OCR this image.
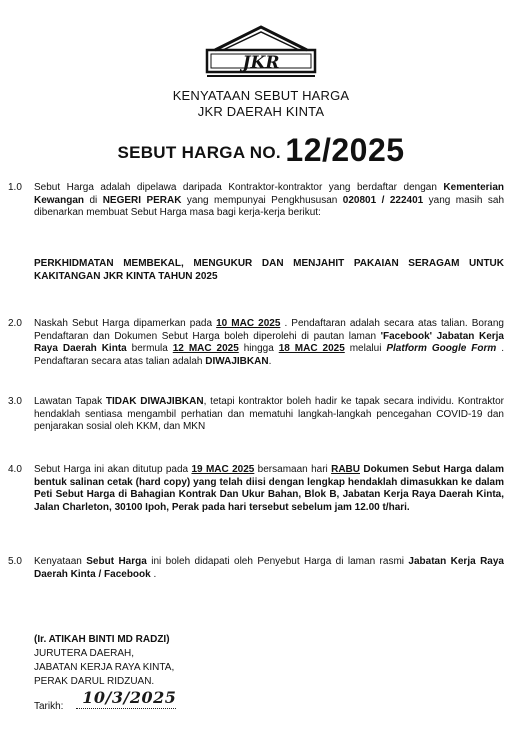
JKR
KENYATAAN SEBUT HARGA
JKR DAERAH KINTA
SEBUT HARGA NO. 12/2025
1.0 Sebut Harga adalah dipelawa daripada Kontraktor-kontraktor yang berdaftar dengan Kementerian Kewangan di NEGERI PERAK yang mempunyai Pengkhususan 020801 / 222401 yang masih sah dibenarkan membuat Sebut Harga masa bagi kerja-kerja berikut:
PERKHIDMATAN MEMBEKAL, MENGUKUR DAN MENJAHIT PAKAIAN SERAGAM UNTUK KAKITANGAN JKR KINTA TAHUN 2025
2.0 Naskah Sebut Harga dipamerkan pada 10 MAC 2025 . Pendaftaran adalah secara atas talian. Borang Pendaftaran dan Dokumen Sebut Harga boleh diperolehi di pautan laman 'Facebook' Jabatan Kerja Raya Daerah Kinta bermula 12 MAC 2025 hingga 18 MAC 2025 melalui Platform Google Form . Pendaftaran secara atas talian adalah DIWAJIBKAN.
3.0 Lawatan Tapak TIDAK DIWAJIBKAN, tetapi kontraktor boleh hadir ke tapak secara individu. Kontraktor hendaklah sentiasa mengambil perhatian dan mematuhi langkah-langkah pencegahan COVID-19 dan penjarakan sosial oleh KKM, dan MKN
4.0 Sebut Harga ini akan ditutup pada 19 MAC 2025 bersamaan hari RABU Dokumen Sebut Harga dalam bentuk salinan cetak (hard copy) yang telah diisi dengan lengkap hendaklah dimasukkan ke dalam Peti Sebut Harga di Bahagian Kontrak Dan Ukur Bahan, Blok B, Jabatan Kerja Raya Daerah Kinta, Jalan Charleton, 30100 Ipoh, Perak pada hari tersebut sebelum jam 12.00 t/hari.
5.0 Kenyataan Sebut Harga ini boleh didapati oleh Penyebut Harga di laman rasmi Jabatan Kerja Raya Daerah Kinta / Facebook .
(Ir. ATIKAH BINTI MD RADZI)
JURUTERA DAERAH,
JABATAN KERJA RAYA KINTA,
PERAK DARUL RIDZUAN.
Tarikh: 10/3/2025
